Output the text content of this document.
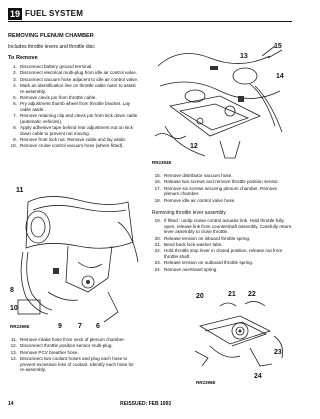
19 FUEL SYSTEM
REMOVING PLENUM CHAMBER
Includes throttle levers and throttle disc
To Remove
1. Disconnect battery ground terminal.
2. Disconnect electrical multi-plug from idle air control valve.
3. Disconnect vacuum hose adjacent to idle air control valve.
4. Mark an identification line on throttle cable outer to assist re-assembly.
5. Remove clevis pin from throttle cable.
6. Pry adjustment thumb wheel from throttle bracket. Lay cable aside.
7. Remove retaining clip and clevis pin from kick down cable (automatic vehicles).
8. Apply adhesive tape behind rear adjustment nut on kick down cable to prevent nut moving.
9. Remove front lock nut. Remove cable and lay aside.
10. Remove cruise control vacuum hose (where fitted).
15
13
14
12
RR2394E
15. Remove distributor vacuum hose.
16. Release two screws and remove throttle position sensor.
17. Remove six screws securing plenum chamber. Remove plenum chamber.
18. Remove idle air control valve hose.
Removing throttle lever assembly
19. If fitted ' undip cruise control actuator link. Hold throttle fully open, release link from countershaft assembly. Carefully return lever assembly to close throttle.
20. Release tension on inboard throttle spring.
21. Bend back lock washer tabs.
22. Hold throttle stop lever in closed position, release nut from throttle shaft.
23. Release tension on outboard throttle spring.
24. Remove overtravel spring.
11
8
10
9 7 6
RR2395E
11. Remove intake hose from neck of plenum chamber.
12. Disconnect throttle position sensor multi-plug.
13. Remove PCV breather hose.
14. Disconnect two coolant hoses and plug each hose to prevent excessive loss of coolant. Identify each hose for re-assembly.
20	21 22
23
24
RR2396E
14	REISSUED: FEB 1993
